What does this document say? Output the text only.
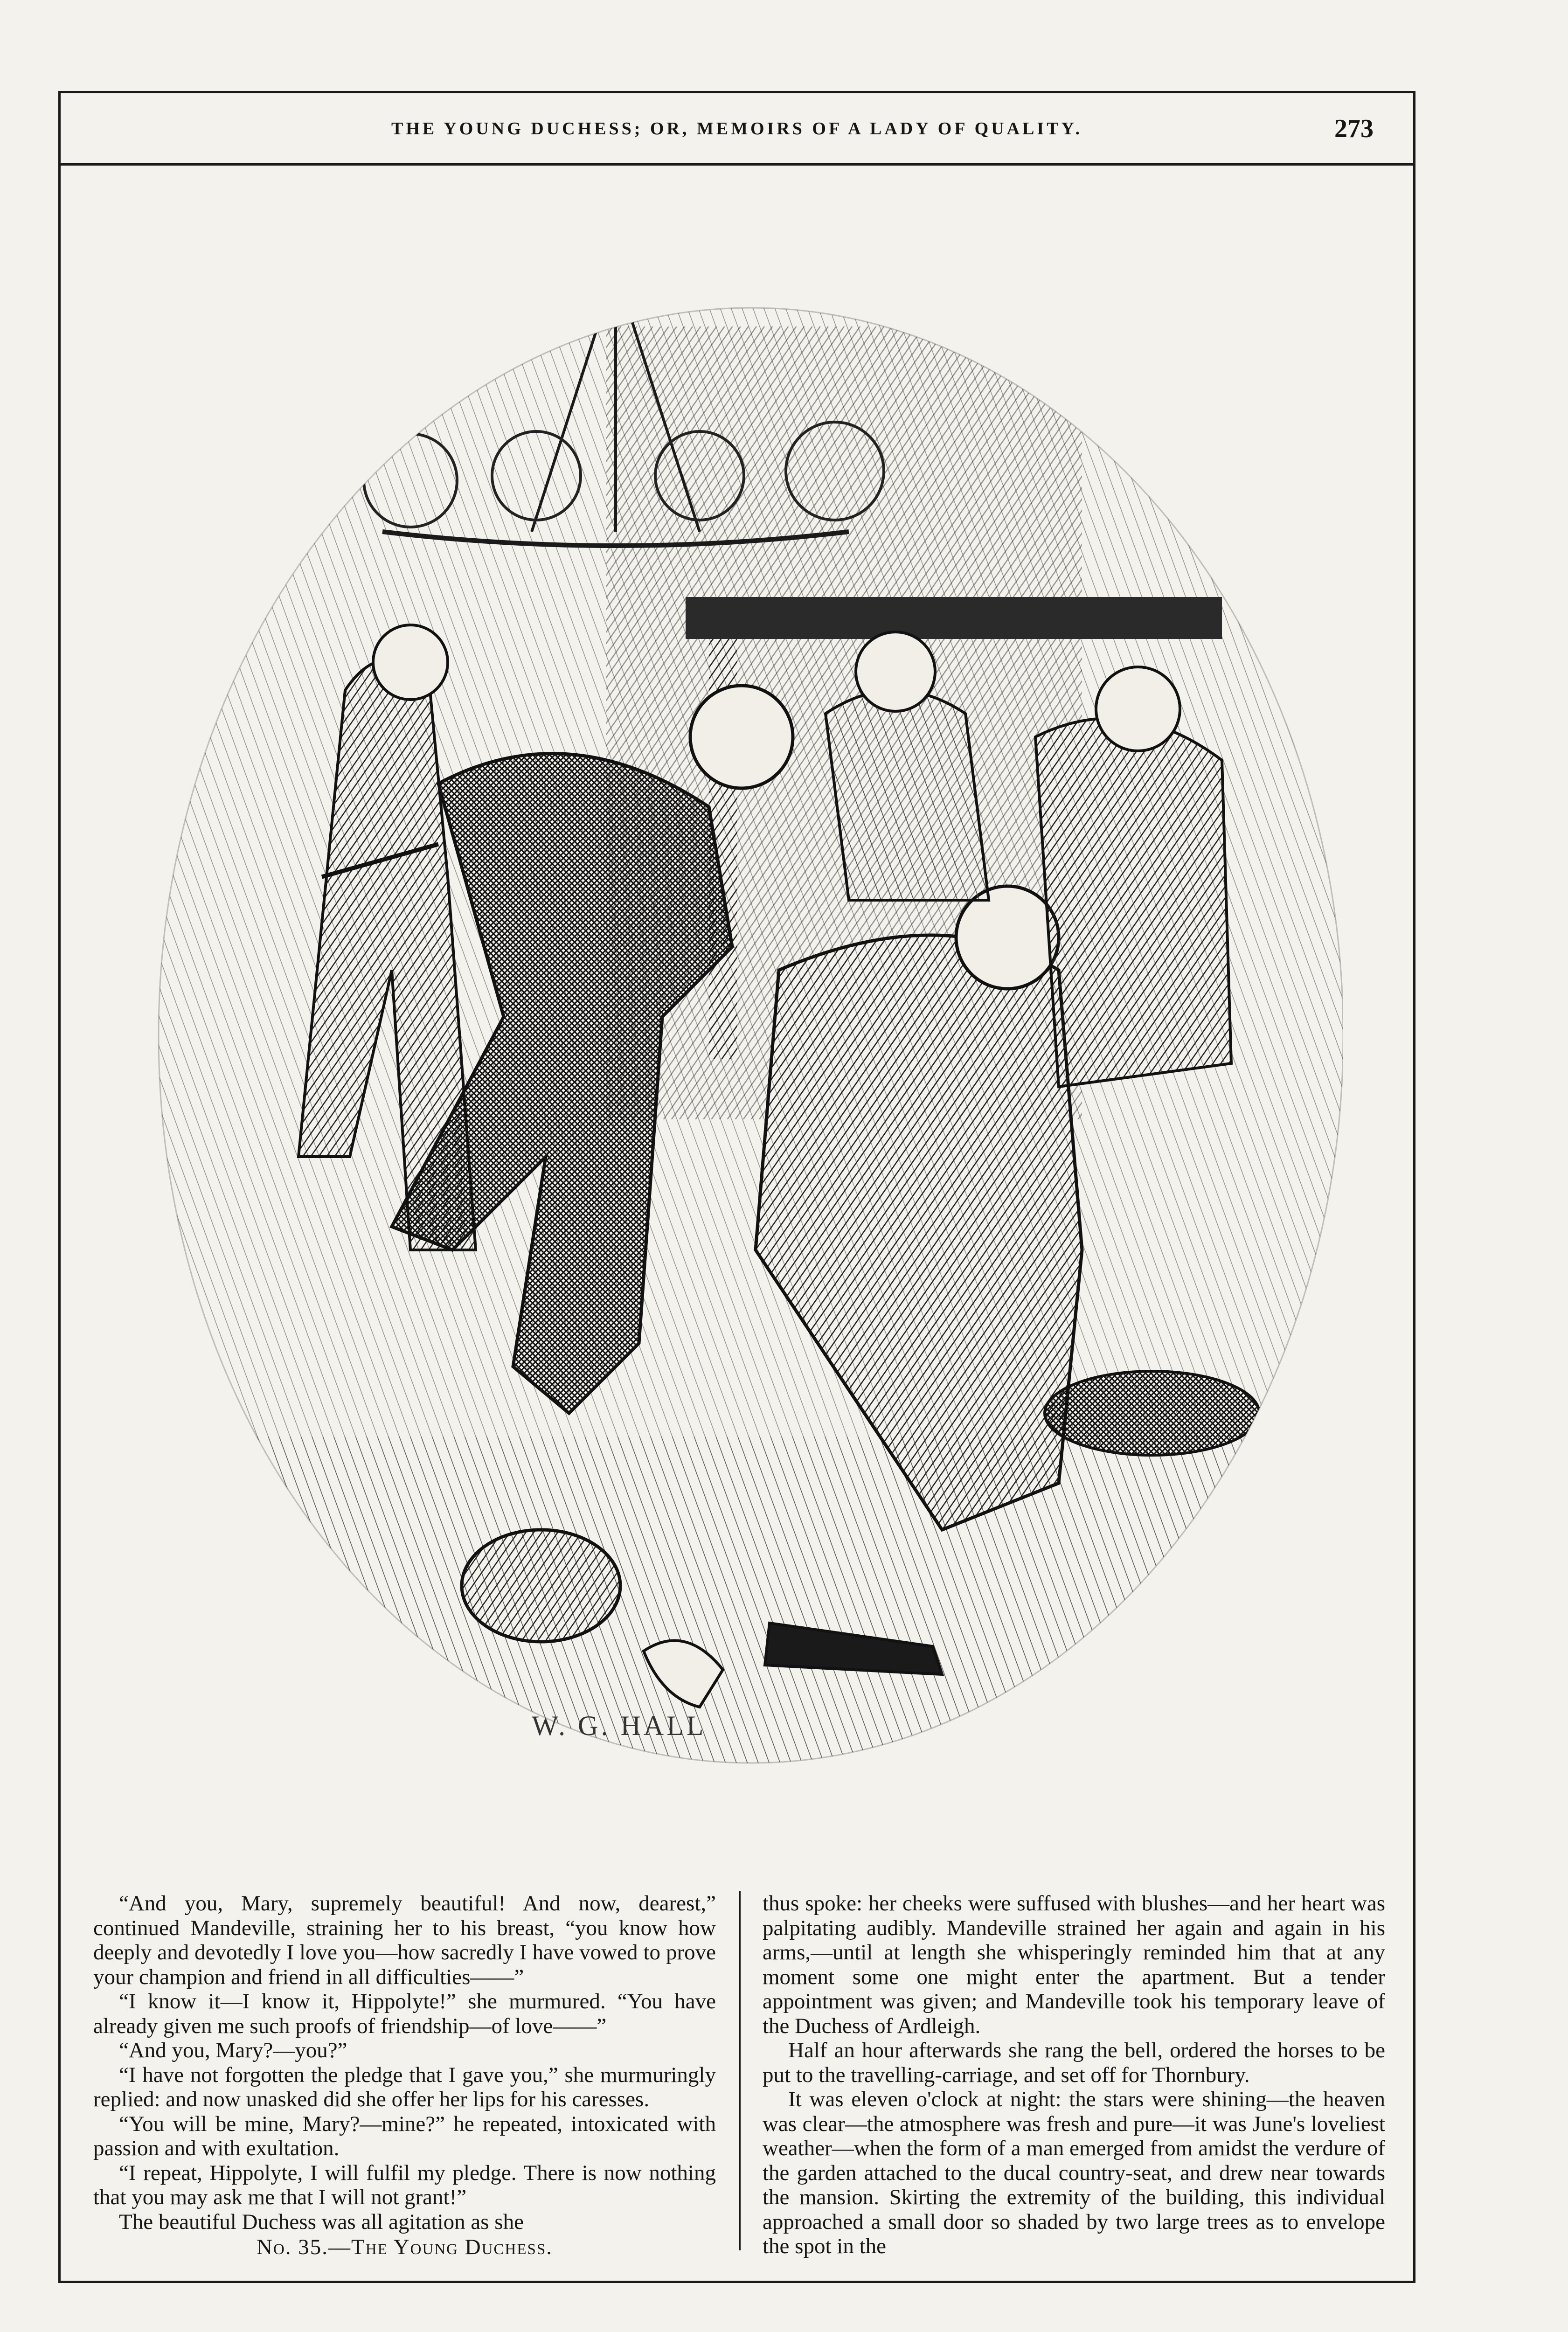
THE YOUNG DUCHESS; OR, MEMOIRS OF A LADY OF QUALITY.	273
W. G. HALL

“And you, Mary, supremely beautiful! And now, dearest,” continued Mandeville, straining her to his breast, “you know how deeply and devotedly I love you—how sacredly I have vowed to prove your champion and friend in all difficulties——”

“I know it—I know it, Hippolyte!” she murmured. “You have already given me such proofs of friendship—of love——”

“And you, Mary?—you?”

“I have not forgotten the pledge that I gave you,” she murmuringly replied: and now unasked did she offer her lips for his caresses.

“You will be mine, Mary?—mine?” he repeated, intoxicated with passion and with exultation.

“I repeat, Hippolyte, I will fulfil my pledge. There is now nothing that you may ask me that I will not grant!”

The beautiful Duchess was all agitation as she

No. 35.—The Young Duchess.

thus spoke: her cheeks were suffused with blushes—and her heart was palpitating audibly. Mandeville strained her again and again in his arms,—until at length she whisperingly reminded him that at any moment some one might enter the apartment. But a tender appointment was given; and Mandeville took his temporary leave of the Duchess of Ardleigh.

Half an hour afterwards she rang the bell, ordered the horses to be put to the travelling-carriage, and set off for Thornbury.

It was eleven o'clock at night: the stars were shining—the heaven was clear—the atmosphere was fresh and pure—it was June's loveliest weather—when the form of a man emerged from amidst the verdure of the garden attached to the ducal country-seat, and drew near towards the mansion. Skirting the extremity of the building, this individual approached a small door so shaded by two large trees as to envelope the spot in the
